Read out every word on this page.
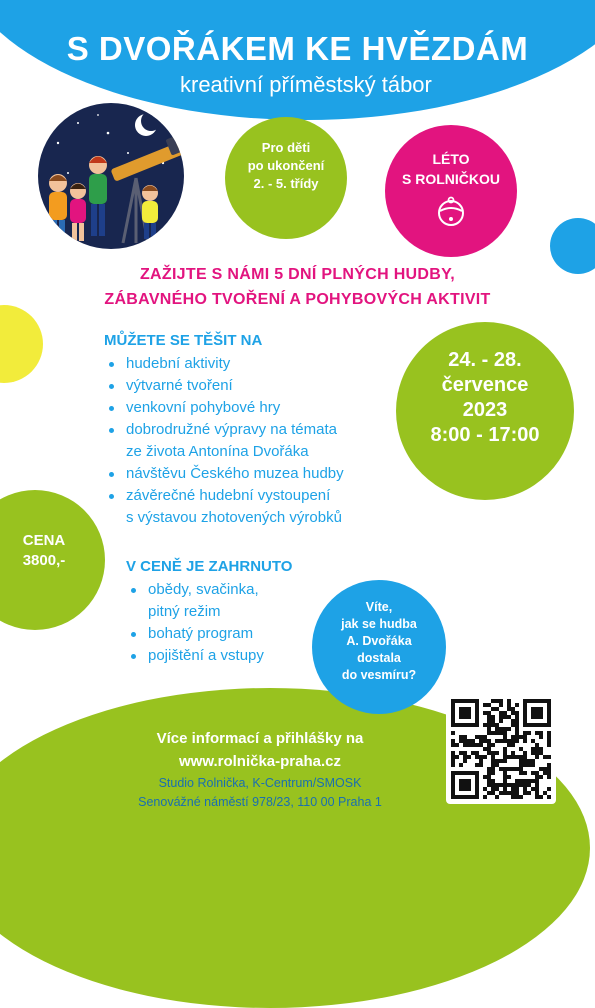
S DVOŘÁKEM KE HVĚZDÁM
kreativní příměstský tábor
Pro děti
po ukončení
2. - 5. třídy
LÉTO
S ROLNIČKOU
ZAŽIJTE S NÁMI 5 DNÍ PLNÝCH HUDBY,
ZÁBAVNÉHO TVOŘENÍ A POHYBOVÝCH AKTIVIT
MŮŽETE SE TĚŠIT NA
hudební aktivity
výtvarné tvoření
venkovní pohybové hry
dobrodružné výpravy na témata
ze života Antonína Dvořáka
návštěvu Českého muzea hudby
závěrečné hudební vystoupení
s výstavou zhotovených výrobků
24. - 28.
července
2023
8:00 - 17:00
CENA
3800,-	V CENĚ JE ZAHRNUTO
obědy, svačinka,
pitný režim
bohatý program
pojištění a vstupy
Víte,
jak se hudba
A. Dvořáka
dostala
do vesmíru?
Více informací a přihlášky na
www.rolnička-praha.cz
Studio Rolnička, K-Centrum/SMOSK
Senovážné náměstí 978/23, 110 00 Praha 1
